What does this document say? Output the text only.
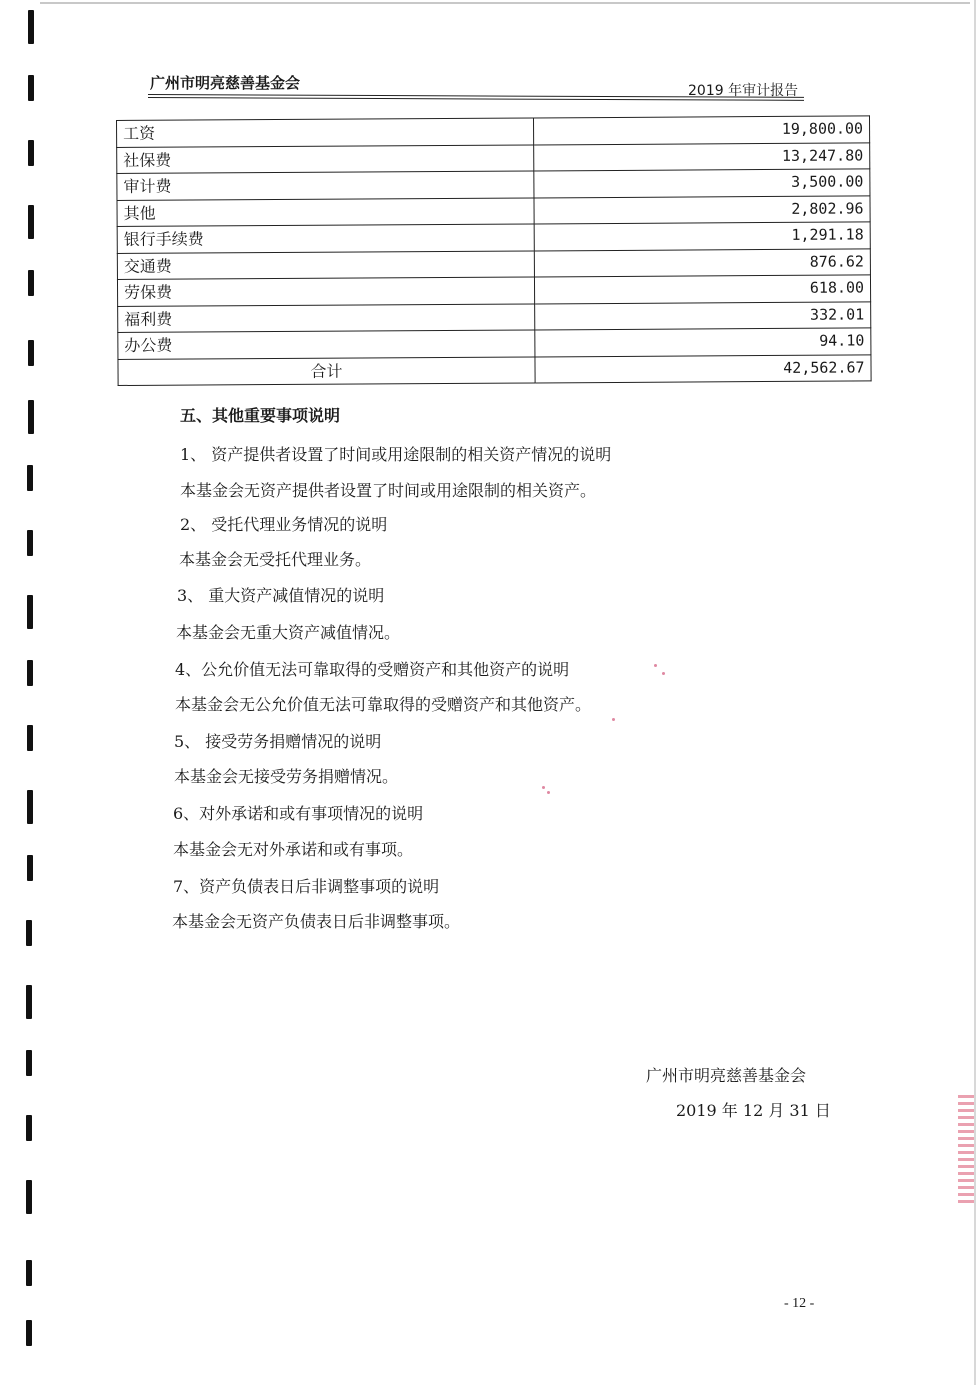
广州市明亮慈善基金会	2019 年审计报告
工资	19,800.00
社保费	13,247.80
审计费	3,500.00
其他	2,802.96
银行手续费	1,291.18
交通费	876.62
劳保费	618.00
福利费	332.01
办公费	94.10
合计	42,562.67
五、其他重要事项说明
1、 资产提供者设置了时间或用途限制的相关资产情况的说明
本基金会无资产提供者设置了时间或用途限制的相关资产。
2、 受托代理业务情况的说明
本基金会无受托代理业务。
3、 重大资产减值情况的说明
本基金会无重大资产减值情况。
4、公允价值无法可靠取得的受赠资产和其他资产的说明
本基金会无公允价值无法可靠取得的受赠资产和其他资产。
5、 接受劳务捐赠情况的说明
本基金会无接受劳务捐赠情况。
6、对外承诺和或有事项情况的说明
本基金会无对外承诺和或有事项。
7、资产负债表日后非调整事项的说明
本基金会无资产负债表日后非调整事项。
广州市明亮慈善基金会
2019 年 12 月 31 日
- 12 -
